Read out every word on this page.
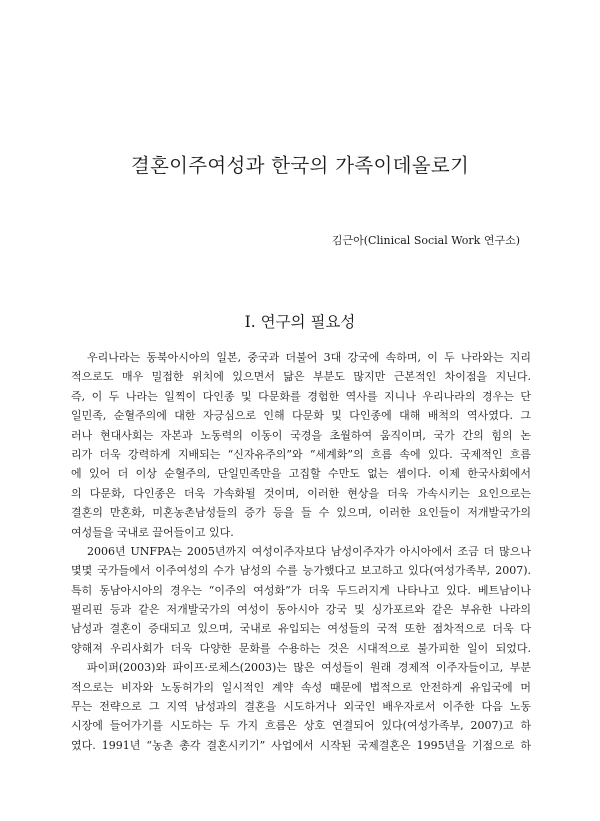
결혼이주여성과 한국의 가족이데올로기
김근아(Clinical Social Work 연구소)
Ⅰ. 연구의 필요성
우리나라는 동북아시아의 일본, 중국과 더불어 3대 강국에 속하며, 이 두 나라와는 지리
적으로도 매우 밀접한 위치에 있으면서 닮은 부분도 많지만 근본적인 차이점을 지닌다.
즉, 이 두 나라는 일찍이 다인종 및 다문화를 경험한 역사를 지니나 우리나라의 경우는 단
일민족, 순혈주의에 대한 자긍심으로 인해 다문화 및 다인종에 대해 배척의 역사였다. 그
러나 현대사회는 자본과 노동력의 이동이 국경을 초월하여 움직이며, 국가 간의 힘의 논
리가 더욱 강력하게 지배되는 “신자유주의”와 “세계화”의 흐름 속에 있다. 국제적인 흐름
에 있어 더 이상 순혈주의, 단일민족만을 고집할 수만도 없는 셈이다. 이제 한국사회에서
의 다문화, 다인종은 더욱 가속화될 것이며, 이러한 현상을 더욱 가속시키는 요인으로는
결혼의 만혼화, 미혼농촌남성들의 증가 등을 들 수 있으며, 이러한 요인들이 저개발국가의
여성들을 국내로 끌어들이고 있다.
2006년 UNFPA는 2005년까지 여성이주자보다 남성이주자가 아시아에서 조금 더 많으나
몇몇 국가들에서 이주여성의 수가 남성의 수를 능가했다고 보고하고 있다(여성가족부, 2007).
특히 동남아시아의 경우는 “이주의 여성화”가 더욱 두드러지게 나타나고 있다. 베트남이나
필리핀 등과 같은 저개발국가의 여성이 동아시아 강국 및 싱가포르와 같은 부유한 나라의
남성과 결혼이 증대되고 있으며, 국내로 유입되는 여성들의 국적 또한 점차적으로 더욱 다
양해져 우리사회가 더욱 다양한 문화를 수용하는 것은 시대적으로 불가피한 일이 되었다.
파이퍼(2003)와 파이프·로체스(2003)는 많은 여성들이 원래 경제적 이주자들이고, 부분
적으로는 비자와 노동허가의 일시적인 계약 속성 때문에 법적으로 안전하게 유입국에 머
무는 전략으로 그 지역 남성과의 결혼을 시도하거나 외국인 배우자로서 이주한 다음 노동
시장에 들어가기를 시도하는 두 가지 흐름은 상호 연결되어 있다(여성가족부, 2007)고 하
였다. 1991년 “농촌 총각 결혼시키기” 사업에서 시작된 국제결혼은 1995년을 기점으로 하
